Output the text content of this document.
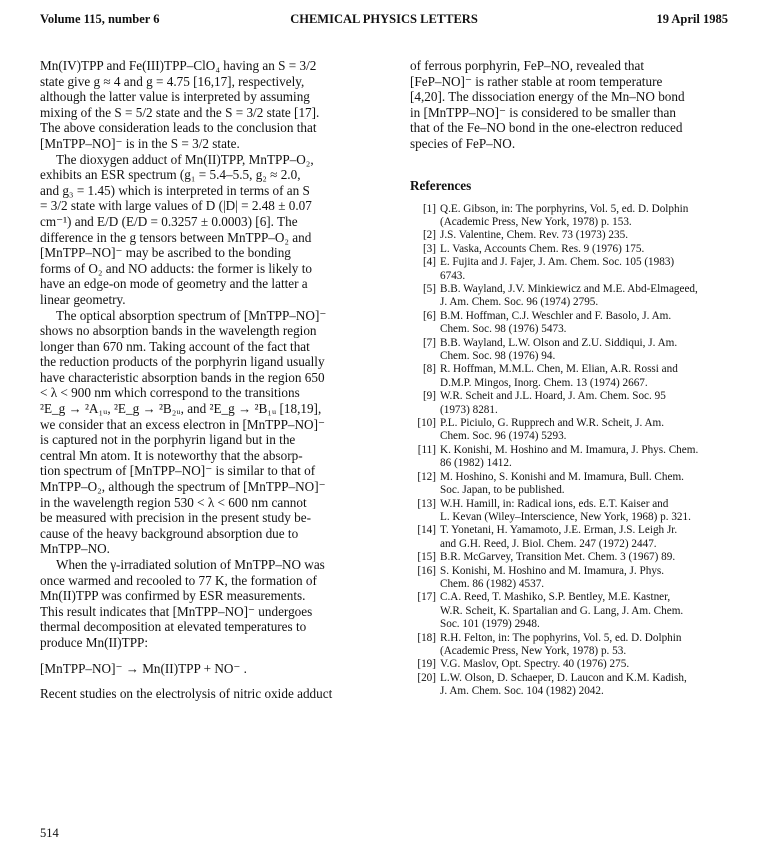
Volume 115, number 6	CHEMICAL PHYSICS LETTERS	19 April 1985
Mn(IV)TPP and Fe(III)TPP–ClO₄ having an S = 3/2
state give g ≈ 4 and g = 4.75 [16,17], respectively,
although the latter value is interpreted by assuming
mixing of the S = 5/2 state and the S = 3/2 state [17].
The above consideration leads to the conclusion that
[MnTPP–NO]⁻ is in the S = 3/2 state.
The dioxygen adduct of Mn(II)TPP, MnTPP–O₂,
exhibits an ESR spectrum (g₁ = 5.4–5.5, g₂ ≈ 2.0,
and g₃ = 1.45) which is interpreted in terms of an S
= 3/2 state with large values of D (|D| = 2.48 ± 0.07
cm⁻¹) and E/D (E/D = 0.3257 ± 0.0003) [6]. The
difference in the g tensors between MnTPP–O₂ and
[MnTPP–NO]⁻ may be ascribed to the bonding
forms of O₂ and NO adducts: the former is likely to
have an edge-on mode of geometry and the latter a
linear geometry.
The optical absorption spectrum of [MnTPP–NO]⁻
shows no absorption bands in the wavelength region
longer than 670 nm. Taking account of the fact that
the reduction products of the porphyrin ligand usually
have characteristic absorption bands in the region 650
< λ < 900 nm which correspond to the transitions
²E_g → ²A₁ᵤ, ²E_g → ²B₂ᵤ, and ²E_g → ²B₁ᵤ [18,19],
we consider that an excess electron in [MnTPP–NO]⁻
is captured not in the porphyrin ligand but in the
central Mn atom. It is noteworthy that the absorp-
tion spectrum of [MnTPP–NO]⁻ is similar to that of
MnTPP–O₂, although the spectrum of [MnTPP–NO]⁻
in the wavelength region 530 < λ < 600 nm cannot
be measured with precision in the present study be-
cause of the heavy background absorption due to
MnTPP–NO.
When the γ-irradiated solution of MnTPP–NO was
once warmed and recooled to 77 K, the formation of
Mn(II)TPP was confirmed by ESR measurements.
This result indicates that [MnTPP–NO]⁻ undergoes
thermal decomposition at elevated temperatures to
produce Mn(II)TPP:
[MnTPP–NO]⁻ → Mn(II)TPP + NO⁻ .
Recent studies on the electrolysis of nitric oxide adduct
of ferrous porphyrin, FeP–NO, revealed that
[FeP–NO]⁻ is rather stable at room temperature
[4,20]. The dissociation energy of the Mn–NO bond
in [MnTPP–NO]⁻ is considered to be smaller than
that of the Fe–NO bond in the one-electron reduced
species of FeP–NO.
References
[1] Q.E. Gibson, in: The porphyrins, Vol. 5, ed. D. Dolphin
(Academic Press, New York, 1978) p. 153.
[2] J.S. Valentine, Chem. Rev. 73 (1973) 235.
[3] L. Vaska, Accounts Chem. Res. 9 (1976) 175.
[4] E. Fujita and J. Fajer, J. Am. Chem. Soc. 105 (1983)
6743.
[5] B.B. Wayland, J.V. Minkiewicz and M.E. Abd-Elmageed,
J. Am. Chem. Soc. 96 (1974) 2795.
[6] B.M. Hoffman, C.J. Weschler and F. Basolo, J. Am.
Chem. Soc. 98 (1976) 5473.
[7] B.B. Wayland, L.W. Olson and Z.U. Siddiqui, J. Am.
Chem. Soc. 98 (1976) 94.
[8] R. Hoffman, M.M.L. Chen, M. Elian, A.R. Rossi and
D.M.P. Mingos, Inorg. Chem. 13 (1974) 2667.
[9] W.R. Scheit and J.L. Hoard, J. Am. Chem. Soc. 95
(1973) 8281.
[10] P.L. Piciulo, G. Rupprech and W.R. Scheit, J. Am.
Chem. Soc. 96 (1974) 5293.
[11] K. Konishi, M. Hoshino and M. Imamura, J. Phys. Chem.
86 (1982) 1412.
[12] M. Hoshino, S. Konishi and M. Imamura, Bull. Chem.
Soc. Japan, to be published.
[13] W.H. Hamill, in: Radical ions, eds. E.T. Kaiser and
L. Kevan (Wiley–Interscience, New York, 1968) p. 321.
[14] T. Yonetani, H. Yamamoto, J.E. Erman, J.S. Leigh Jr.
and G.H. Reed, J. Biol. Chem. 247 (1972) 2447.
[15] B.R. McGarvey, Transition Met. Chem. 3 (1967) 89.
[16] S. Konishi, M. Hoshino and M. Imamura, J. Phys.
Chem. 86 (1982) 4537.
[17] C.A. Reed, T. Mashiko, S.P. Bentley, M.E. Kastner,
W.R. Scheit, K. Spartalian and G. Lang, J. Am. Chem.
Soc. 101 (1979) 2948.
[18] R.H. Felton, in: The pophyrins, Vol. 5, ed. D. Dolphin
(Academic Press, New York, 1978) p. 53.
[19] V.G. Maslov, Opt. Spectry. 40 (1976) 275.
[20] L.W. Olson, D. Schaeper, D. Laucon and K.M. Kadish,
J. Am. Chem. Soc. 104 (1982) 2042.
514
